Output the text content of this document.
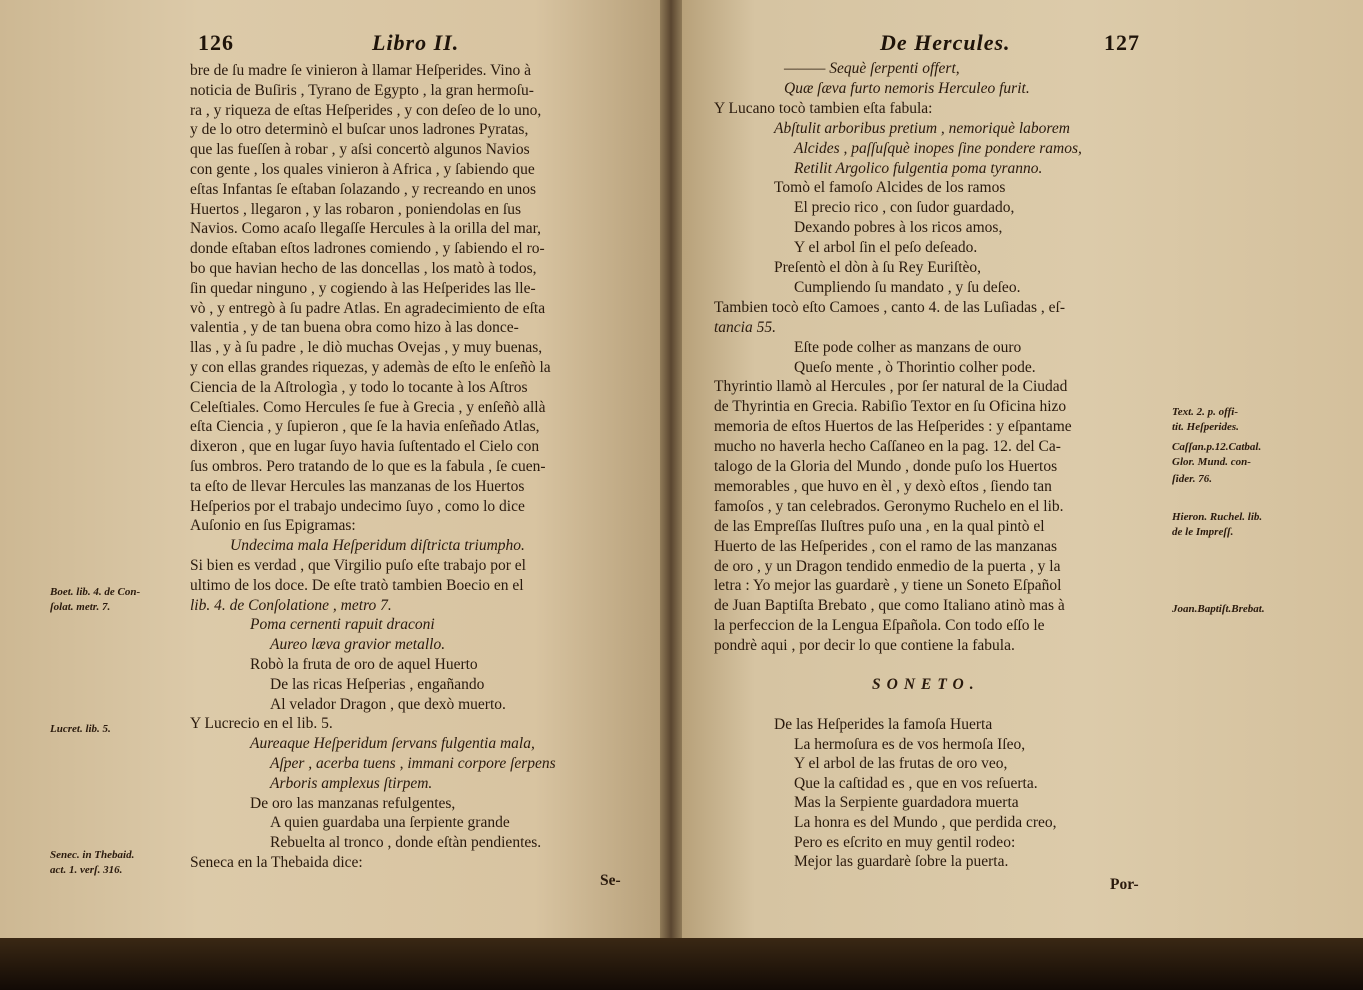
126	Libro II.
bre de ſu madre ſe vinieron à llamar Heſperides. Vino à
noticia de Buſiris , Tyrano de Egypto , la gran hermoſu-
ra , y riqueza de eſtas Heſperides , y con deſeo de lo uno,
y de lo otro determinò el buſcar unos ladrones Pyratas,
que las fueſſen à robar , y aſsi concertò algunos Navios
con gente , los quales vinieron à Africa , y ſabiendo que
eſtas Infantas ſe eſtaban ſolazando , y recreando en unos
Huertos , llegaron , y las robaron , poniendolas en ſus
Navios. Como acaſo llegaſſe Hercules à la orilla del mar,
donde eſtaban eſtos ladrones comiendo , y ſabiendo el ro-
bo que havian hecho de las doncellas , los matò à todos,
ſin quedar ninguno , y cogiendo à las Heſperides las lle-
vò , y entregò à ſu padre Atlas. En agradecimiento de eſta
valentia , y de tan buena obra como hizo à las donce-
llas , y à ſu padre , le diò muchas Ovejas , y muy buenas,
y con ellas grandes riquezas, y ademàs de eſto le enſeñò la
Ciencia de la Aſtrologìa , y todo lo tocante à los Aſtros
Celeſtiales. Como Hercules ſe fue à Grecia , y enſeñò allà
eſta Ciencia , y ſupieron , que ſe la havia enſeñado Atlas,
dixeron , que en lugar ſuyo havia ſuſtentado el Cielo con
ſus ombros. Pero tratando de lo que es la fabula , ſe cuen-
ta eſto de llevar Hercules las manzanas de los Huertos
Heſperios por el trabajo undecimo ſuyo , como lo dice
Auſonio en ſus Epigramas:
Undecima mala Heſperidum diſtricta triumpho.
Si bien es verdad , que Virgilio puſo eſte trabajo por el
ultimo de los doce. De eſte tratò tambien Boecio en el
lib. 4. de Conſolatione , metro 7.
Poma cernenti rapuit draconi
Aureo læva gravior metallo.
Robò la fruta de oro de aquel Huerto
De las ricas Heſperias , engañando
Al velador Dragon , que dexò muerto.
Y Lucrecio en el lib. 5.
Aureaque Heſperidum ſervans fulgentia mala,
Aſper , acerba tuens , immani corpore ſerpens
Arboris amplexus ſtirpem.
De oro las manzanas refulgentes,
A quien guardaba una ſerpiente grande
Rebuelta al tronco , donde eſtàn pendientes.
Seneca en la Thebaida dice:
Se-
Boet. lib. 4. de Con-
ſolat. metr. 7.
Lucret. lib. 5.
Senec. in Thebaid.
act. 1. verſ. 316.
De Hercules.	127
——— Sequè ſerpenti offert,
Quæ ſæva furto nemoris Herculeo furit.
Y Lucano tocò tambien eſta fabula:
Abſtulit arboribus pretium , nemoriquè laborem
Alcides , paſſuſquè inopes ſine pondere ramos,
Retilit Argolico fulgentia poma tyranno.
Tomò el famoſo Alcides de los ramos
El precio rico , con ſudor guardado,
Dexando pobres à los ricos amos,
Y el arbol ſin el peſo deſeado.
Preſentò el dòn à ſu Rey Euriſtèo,
Cumpliendo ſu mandato , y ſu deſeo.
Tambien tocò eſto Camoes , canto 4. de las Luſiadas , eſ-
tancia 55.
Eſte pode colher as manzans de ouro
Queſo mente , ò Thorintio colher pode.
Thyrintio llamò al Hercules , por ſer natural de la Ciudad
de Thyrintia en Grecia. Rabiſio Textor en ſu Oficina hizo
memoria de eſtos Huertos de las Heſperides : y eſpantame
mucho no haverla hecho Caſſaneo en la pag. 12. del Ca-
talogo de la Gloria del Mundo , donde puſo los Huertos
memorables , que huvo en èl , y dexò eſtos , ſiendo tan
famoſos , y tan celebrados. Geronymo Ruchelo en el lib.
de las Empreſſas Iluſtres puſo una , en la qual pintò el
Huerto de las Heſperides , con el ramo de las manzanas
de oro , y un Dragon tendido enmedio de la puerta , y la
letra : Yo mejor las guardarè , y tiene un Soneto Eſpañol
de Juan Baptiſta Brebato , que como Italiano atinò mas à
la perfeccion de la Lengua Eſpañola. Con todo eſſo le
pondrè aqui , por decir lo que contiene la fabula.
SONETO.
De las Heſperides la famoſa Huerta
La hermoſura es de vos hermoſa Iſeo,
Y el arbol de las frutas de oro veo,
Que la caſtidad es , que en vos reſuerta.
Mas la Serpiente guardadora muerta
La honra es del Mundo , que perdida creo,
Pero es eſcrito en muy gentil rodeo:
Mejor las guardarè ſobre la puerta.
Por-
Text. 2. p. offi-
tit. Heſperides.
Caſſan.p.12.Catbal.
Glor. Mund. con-
ſider. 76.
Hieron. Ruchel. lib.
de le Impreſſ.
Joan.Baptiſt.Brebat.
